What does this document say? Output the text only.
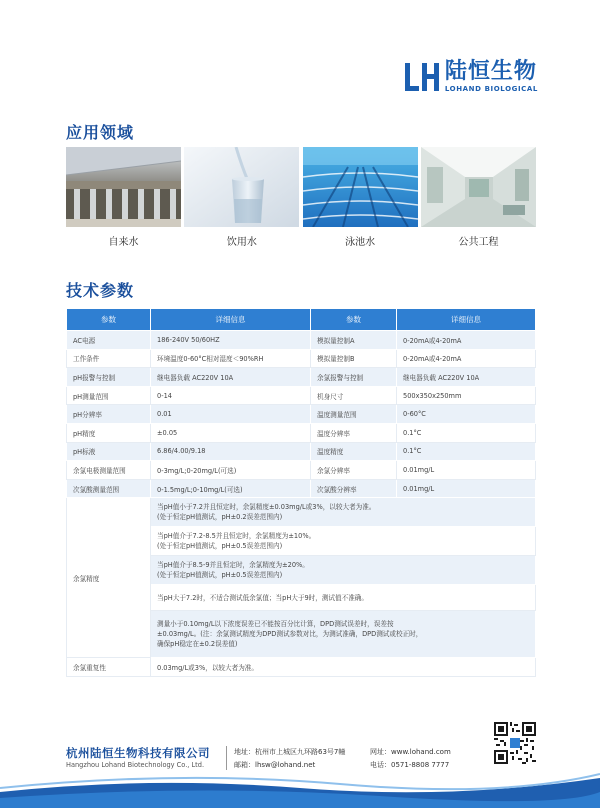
陆恒生物
LOHAND BIOLOGICAL
应用领域
自来水	饮用水	泳池水	公共工程
技术参数
参数	详细信息	参数	详细信息
AC电源	186-240V 50/60HZ	模拟量控制A	0-20mA或4-20mA
工作条件	环境温度0-60°C相对湿度＜90%RH	模拟量控制B	0-20mA或4-20mA
pH报警与控制	继电器负载 AC220V 10A	余氯报警与控制	继电器负载 AC220V 10A
pH测量范围	0-14	机身尺寸	500x350x250mm
pH分辨率	0.01	温度测量范围	0-60°C
pH精度	±0.05	温度分辨率	0.1°C
pH标液	6.86/4.00/9.18	温度精度	0.1°C
余氯电极测量范围	0-3mg/L;0-20mg/L(可选)	余氯分辨率	0.01mg/L
次氯酸测量范围	0-1.5mg/L;0-10mg/L(可选)	次氯酸分辨率	0.01mg/L
余氯精度	当pH值小于7.2并且恒定时，余氯精度±0.03mg/L或3%，以较大者为准。
(处于恒定pH值测试，pH±0.2误差范围内)		

	当pH值介于7.2-8.5并且恒定时，余氯精度为±10%。
(处于恒定pH值测试，pH±0.5误差范围内)		

	当pH值介于8.5-9并且恒定时，余氯精度为±20%。
(处于恒定pH值测试，pH±0.5误差范围内)		

	当pH大于7.2时，不适合测试低余氯值；当pH大于9时，测试值不准确。		

	测量小于0.10mg/L以下浓度误差已不能按百分比计算，DPD测试误差时，误差按
±0.03mg/L。(注：余氯测试精度为DPD测试参数对比，为测试准确，DPD测试或校正时，
确保pH稳定在±0.2误差值)		

余氯重复性	0.03mg/L或3%，以较大者为准。		
杭州陆恒生物科技有限公司
Hangzhou Lohand Biotechnology Co., Ltd.
地址：杭州市上城区九环路63号7幢
邮箱：lhsw@lohand.net
网址：www.lohand.com
电话：0571-8808 7777
